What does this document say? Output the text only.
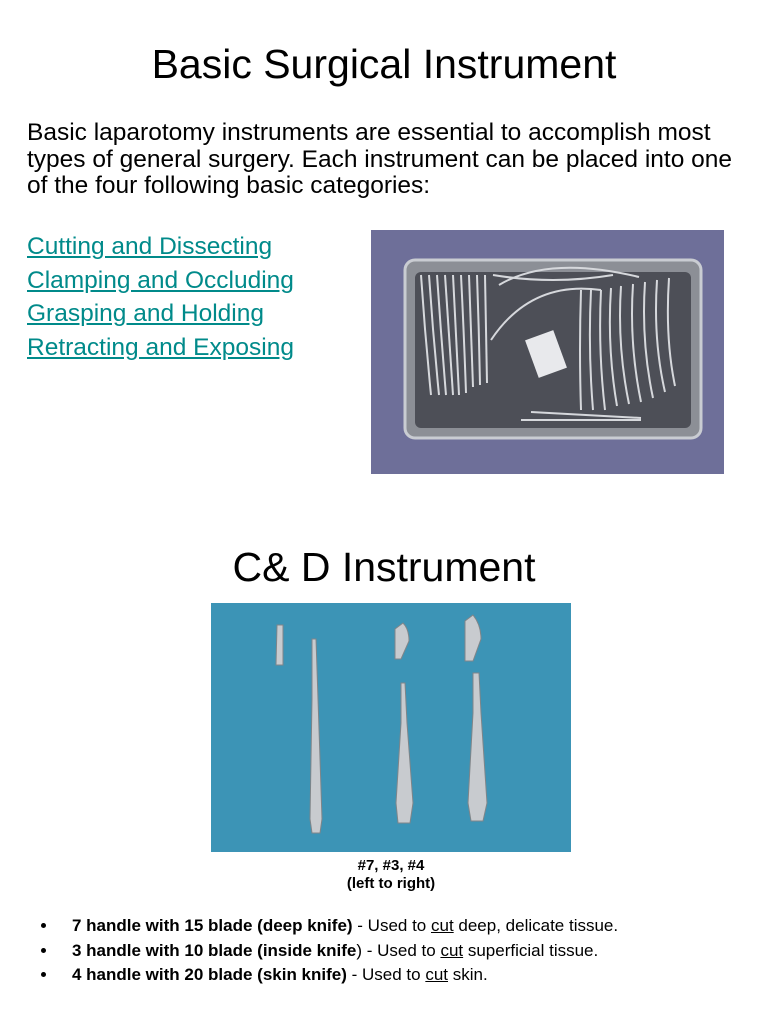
Basic Surgical Instrument
Basic laparotomy instruments are essential to accomplish most types of general surgery. Each instrument can be placed into one of the four following basic categories:
Cutting and Dissecting
Clamping and Occluding
Grasping and Holding
Retracting and Exposing
C& D Instrument
#7, #3, #4
(left to right)
• 7 handle with 15 blade (deep knife) - Used to cut deep, delicate tissue.
• 3 handle with 10 blade (inside knife) - Used to cut superficial tissue.
• 4 handle with 20 blade (skin knife) - Used to cut skin.
